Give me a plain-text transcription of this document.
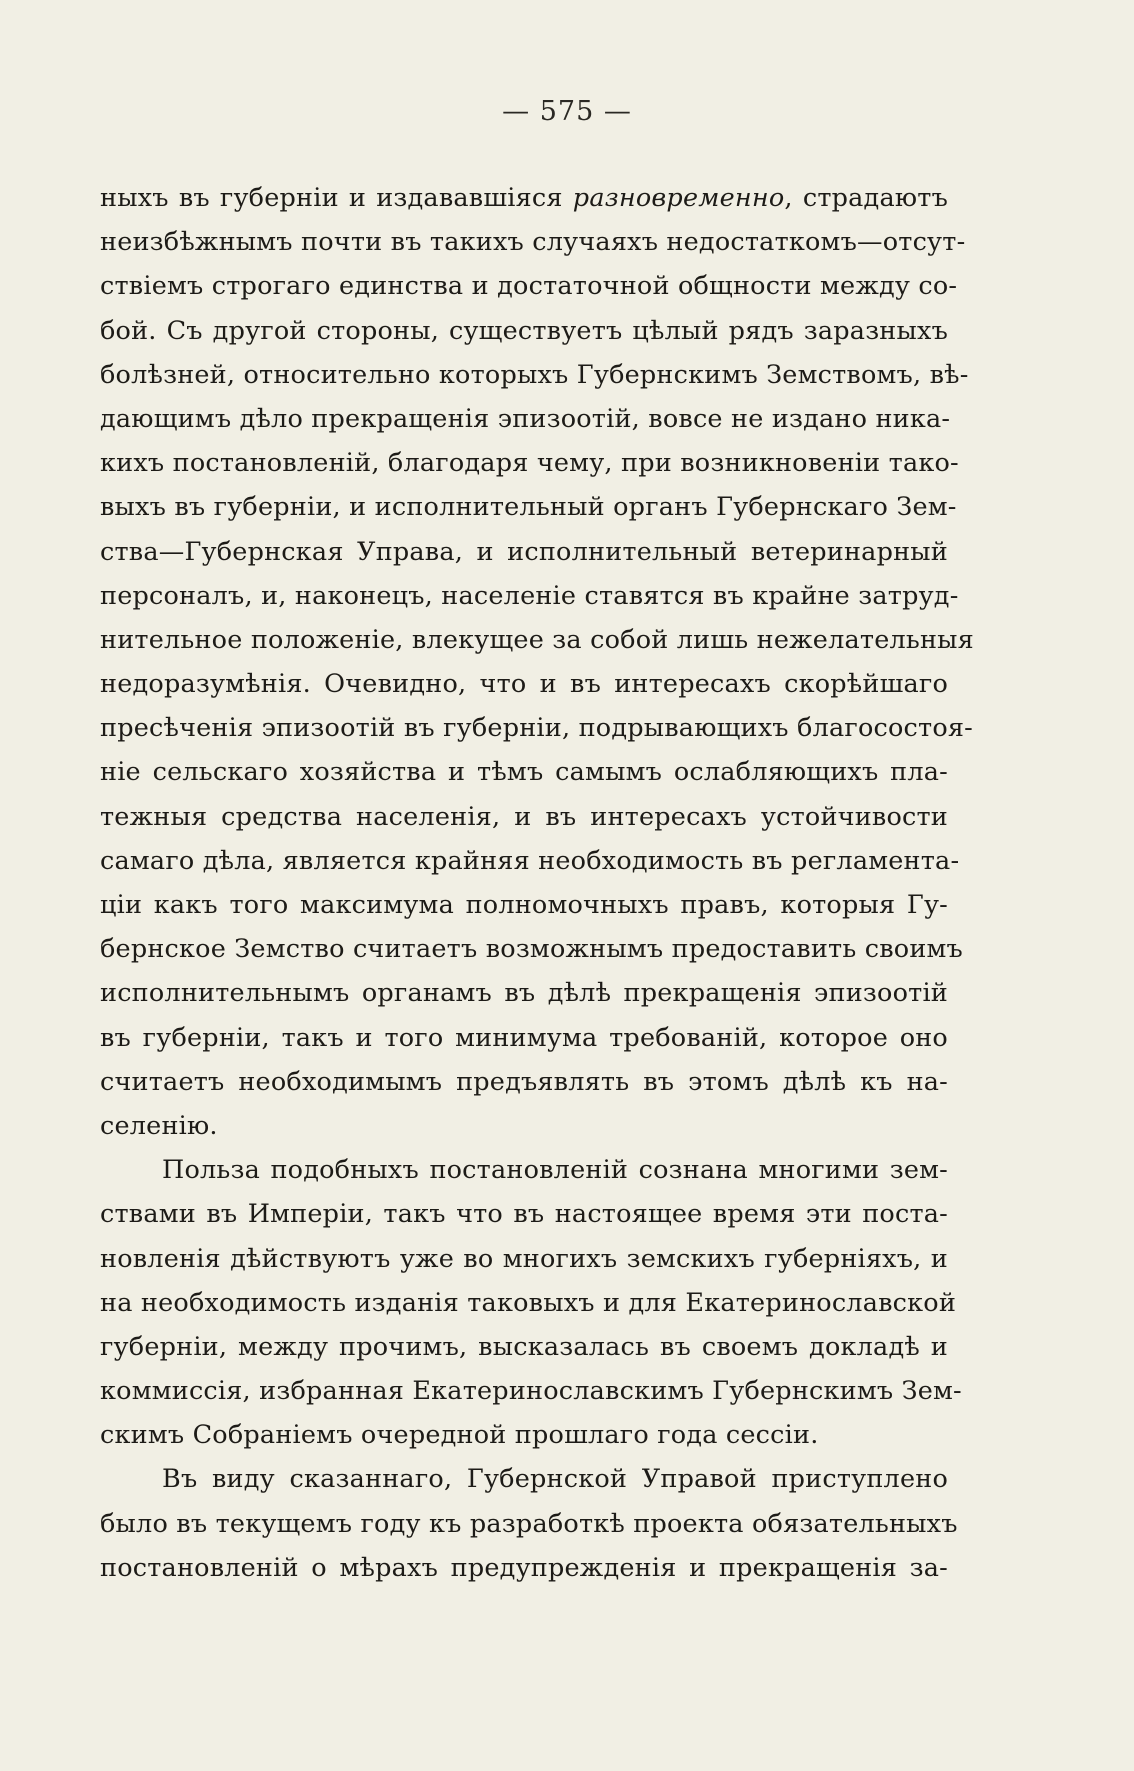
— 575 —
ныхъ въ губерніи и издававшіяся разновременно, страдаютъ
неизбѣжнымъ почти въ такихъ случаяхъ недостаткомъ—отсут-
ствіемъ строгаго единства и достаточной общности между со-
бой. Съ другой стороны, существуетъ цѣлый рядъ заразныхъ
болѣзней, относительно которыхъ Губернскимъ Земствомъ, вѣ-
дающимъ дѣло прекращенія эпизоотій, вовсе не издано ника-
кихъ постановленій, благодаря чему, при возникновеніи тако-
выхъ въ губерніи, и исполнительный органъ Губернскаго Зем-
ства—Губернская Управа, и исполнительный ветеринарный
персоналъ, и, наконецъ, населеніе ставятся въ крайне затруд-
нительное положеніе, влекущее за собой лишь нежелательныя
недоразумѣнія. Очевидно, что и въ интересахъ скорѣйшаго
пресѣченія эпизоотій въ губерніи, подрывающихъ благосостоя-
ніе сельскаго хозяйства и тѣмъ самымъ ослабляющихъ пла-
тежныя средства населенія, и въ интересахъ устойчивости
самаго дѣла, является крайняя необходимость въ регламента-
ціи какъ того максимума полномочныхъ правъ, которыя Гу-
бернское Земство считаетъ возможнымъ предоставить своимъ
исполнительнымъ органамъ въ дѣлѣ прекращенія эпизоотій
въ губерніи, такъ и того минимума требованій, которое оно
считаетъ необходимымъ предъявлять въ этомъ дѣлѣ къ на-
селенію.
Польза подобныхъ постановленій сознана многими зем-
ствами въ Имперіи, такъ что въ настоящее время эти поста-
новленія дѣйствуютъ уже во многихъ земскихъ губерніяхъ, и
на необходимость изданія таковыхъ и для Екатеринославской
губерніи, между прочимъ, высказалась въ своемъ докладѣ и
коммиссія, избранная Екатеринославскимъ Губернскимъ Зем-
скимъ Собраніемъ очередной прошлаго года сессіи.
Въ виду сказаннаго, Губернской Управой приступлено
было въ текущемъ году къ разработкѣ проекта обязательныхъ
постановленій о мѣрахъ предупрежденія и прекращенія за-
